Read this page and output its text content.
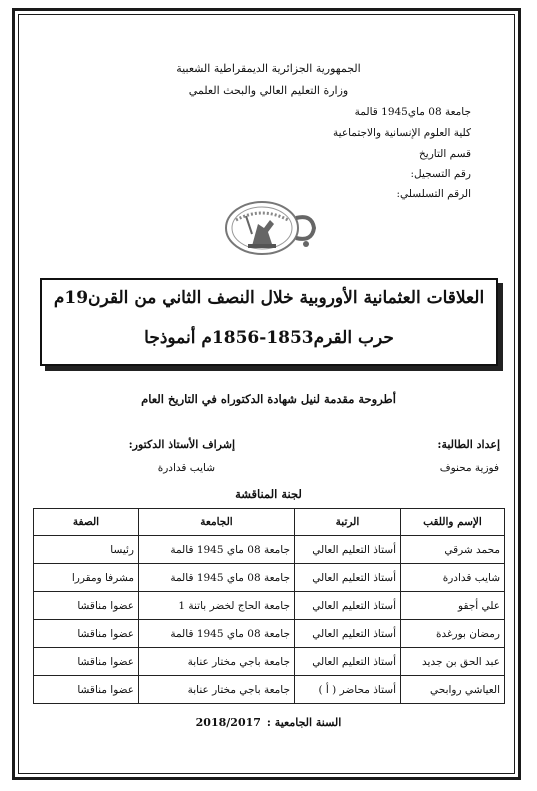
الجمهورية الجزائرية الديمقراطية الشعبية
وزارة التعليم العالي والبحث العلمي
جامعة 08 ماي1945 قالمة
كلية العلوم الإنسانية والاجتماعية
قسم التاريخ
رقم التسجيل:
الرقم التسلسلي:
العلاقات العثمانية الأوروبية خلال النصف الثاني من القرن19م
حرب القرم1853-1856م أنموذجا
أطروحة مقدمة لنيل شهادة الدكتوراه في التاريخ العام
إعداد الطالبة:
فوزية محنوف
إشراف الأستاذ الدكتور:
شايب قدادرة
لجنة المناقشة
الإسم واللقب	الرتبة	الجامعة	الصفة
محمد شرقي	أستاذ التعليم العالي	جامعة 08 ماي 1945 قالمة	رئيسا
شايب قدادرة	أستاذ التعليم العالي	جامعة 08 ماي 1945 قالمة	مشرفا ومقررا
علي أجقو	أستاذ التعليم العالي	جامعة الحاج لخضر باتنة 1	عضوا مناقشا
رمضان بورغدة	أستاذ التعليم العالي	جامعة 08 ماي 1945 قالمة	عضوا مناقشا
عبد الحق بن جديد	أستاذ التعليم العالي	جامعة باجي مختار عنابة	عضوا مناقشا
العياشي روابحي	أستاذ محاضر ( أ )	جامعة باجي مختار عنابة	عضوا مناقشا
السنة الجامعية :2018/2017
